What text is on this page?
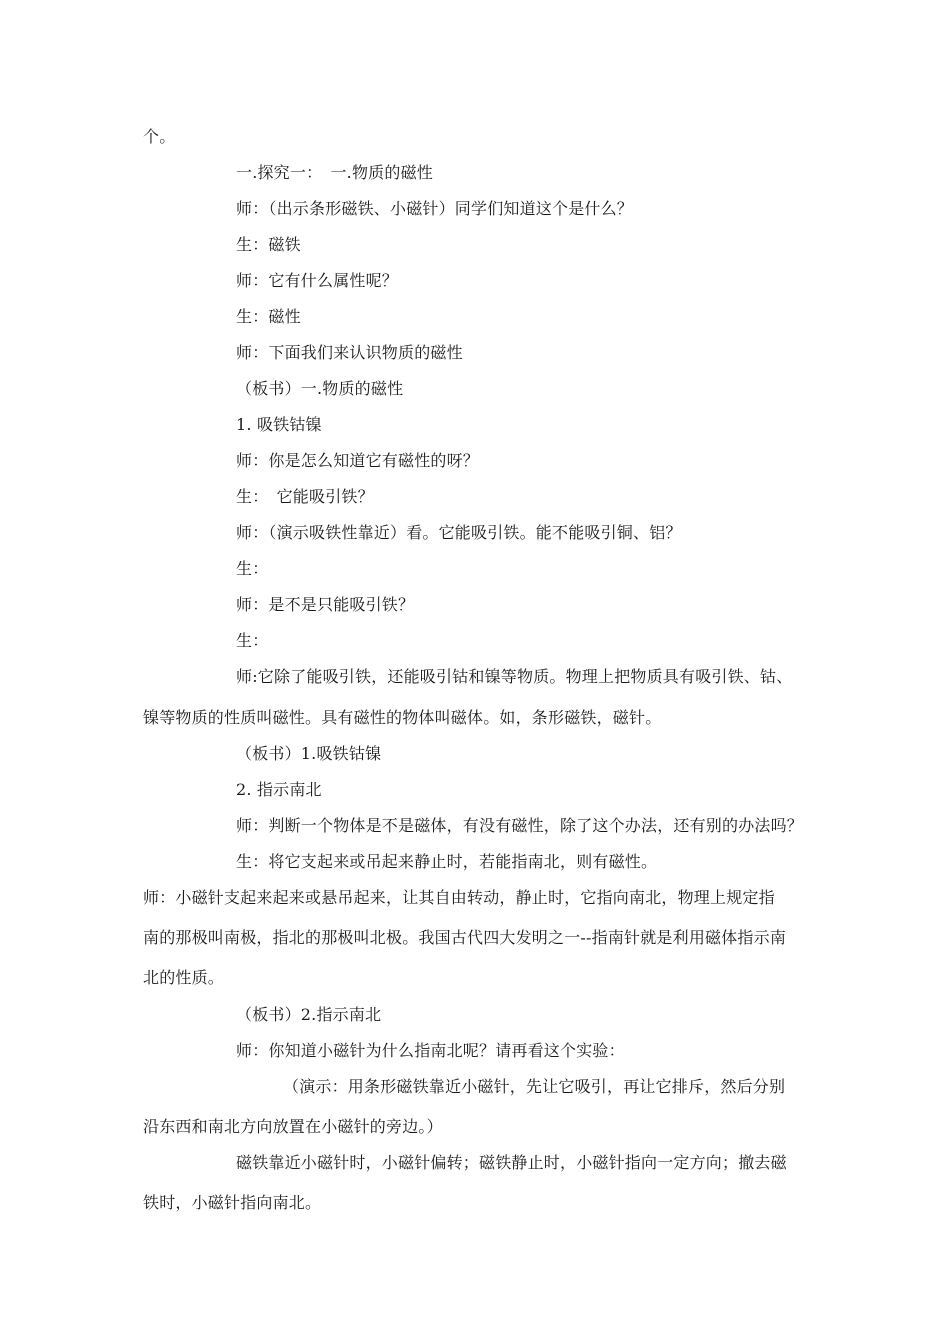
个。
一.探究一：　一.物质的磁性
师：（出示条形磁铁、小磁针）同学们知道这个是什么？
生：磁铁
师：它有什么属性呢？
生：磁性
师：下面我们来认识物质的磁性
（板书）一.物质的磁性
1. 吸铁钴镍
师：你是怎么知道它有磁性的呀？
生：　它能吸引铁？
师：（演示吸铁性靠近）看。它能吸引铁。能不能吸引铜、铝？
生：
师：是不是只能吸引铁？
生：
师:它除了能吸引铁，还能吸引钴和镍等物质。物理上把物质具有吸引铁、钴、
镍等物质的性质叫磁性。具有磁性的物体叫磁体。如，条形磁铁，磁针。
（板书）1.吸铁钴镍
2. 指示南北
师：判断一个物体是不是磁体，有没有磁性，除了这个办法，还有别的办法吗？
生：将它支起来或吊起来静止时，若能指南北，则有磁性。
师：小磁针支起来起来或悬吊起来，让其自由转动，静止时，它指向南北，物理上规定指
南的那极叫南极，指北的那极叫北极。我国古代四大发明之一--指南针就是利用磁体指示南
北的性质。
（板书）2.指示南北
师：你知道小磁针为什么指南北呢？请再看这个实验：
（演示：用条形磁铁靠近小磁针，先让它吸引，再让它排斥，然后分别
沿东西和南北方向放置在小磁针的旁边。）
磁铁靠近小磁针时，小磁针偏转；磁铁静止时，小磁针指向一定方向；撤去磁
铁时，小磁针指向南北。
